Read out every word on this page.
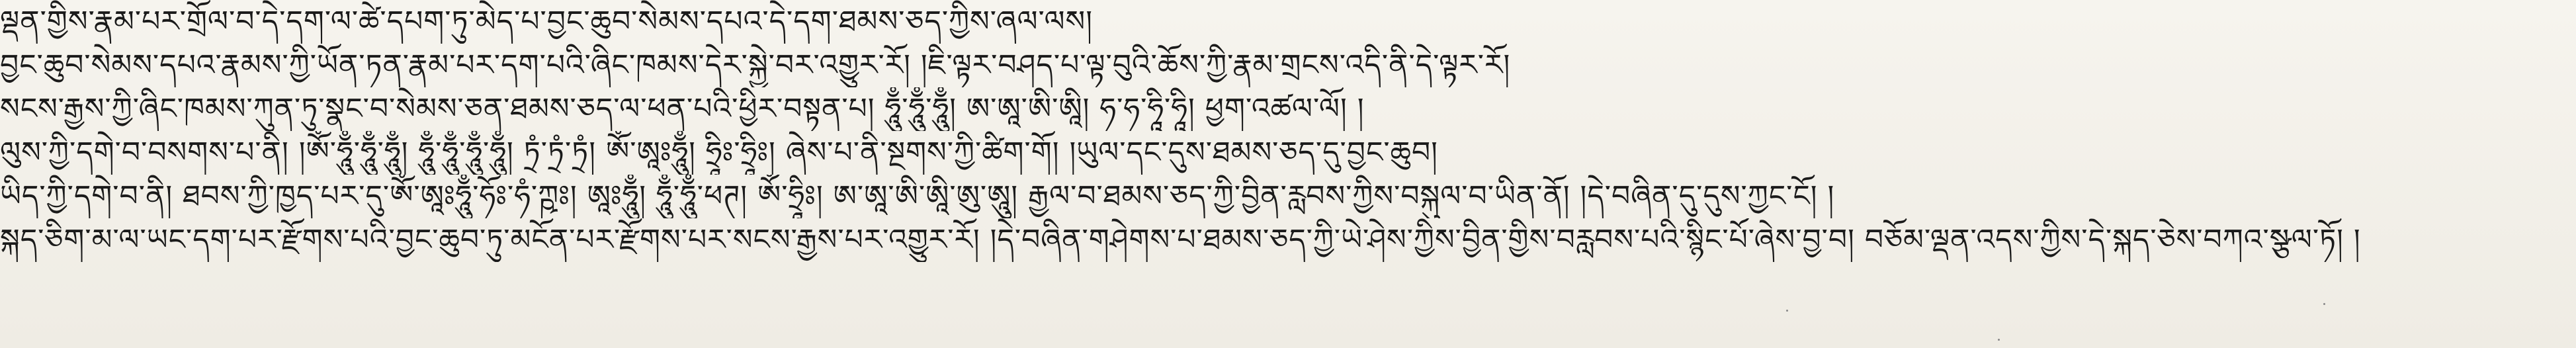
ལྡན་གྱིས་རྣམ་པར་གྲོལ་བ་དེ་དག་ལ་ཚེ་དཔག་ཏུ་མེད་པ་བྱང་ཆུབ་སེམས་དཔའ་དེ་དག་ཐམས་ཅད་ཀྱིས་ཞལ་ལས།
བྱང་ཆུབ་སེམས་དཔའ་རྣམས་ཀྱི་ཡོན་ཏན་རྣམ་པར་དག་པའི་ཞིང་ཁམས་དེར་སྐྱེ་བར་འགྱུར་རོ། །ཇི་ལྟར་བཤད་པ་ལྟ་བུའི་ཆོས་ཀྱི་རྣམ་གྲངས་འདི་ནི་དེ་ལྟར་རོ།
སངས་རྒྱས་ཀྱི་ཞིང་ཁམས་ཀུན་ཏུ་སྣང་བ་སེམས་ཅན་ཐམས་ཅད་ལ་ཕན་པའི་ཕྱིར་བསྟན་པ། ཧཱུྃ་ཧཱུྃ་ཧཱུྃ། ཨ་ཨཱ་ཨི་ཨཱི། ཧ་ཧ་ཧཱི་ཧཱི། ཕྱག་འཚལ་ལོ། །
ལུས་ཀྱི་དགེ་བ་བསགས་པ་ནི། །ཨོཾ་ཧཱུྃ་ཧཱུྃ་ཧཱུྃ། ཧཱུྃ་ཧཱུྃ་ཧཱུྃ་ཧཱུྃ། ཏྲཾ་ཏྲཾ་ཏྲཾ། ཨོཾ་ཨཱཿཧཱུྃ། ཧྲཱིཿ་ཧྲཱིཿ། ཞེས་པ་ནི་སྔགས་ཀྱི་ཚིག་གོ། །ཡུལ་དང་དུས་ཐམས་ཅད་དུ་བྱང་ཆུབ།
ཡིད་ཀྱི་དགེ་བ་ནི། ཐབས་ཀྱི་ཁྱད་པར་དུ་ཨོཾ་ཨཱཿཧཱུྃ་ཧོཿ་ཧཾ་ཀྵཿ། ཨཱཿཧཱུྃ། ཧཱུྃ་ཧཱུྃ་ཕཊ། ཨོཾ་ཧྲཱིཿ། ཨ་ཨཱ་ཨི་ཨཱི་ཨུ་ཨཱུ། རྒྱལ་བ་ཐམས་ཅད་ཀྱི་བྱིན་རླབས་ཀྱིས་བསྐུལ་བ་ཡིན་ནོ། །དེ་བཞིན་དུ་དུས་ཀྱང་ངོ། །
སྐད་ཅིག་མ་ལ་ཡང་དག་པར་རྫོགས་པའི་བྱང་ཆུབ་ཏུ་མངོན་པར་རྫོགས་པར་སངས་རྒྱས་པར་འགྱུར་རོ། །དེ་བཞིན་གཤེགས་པ་ཐམས་ཅད་ཀྱི་ཡེ་ཤེས་ཀྱིས་བྱིན་གྱིས་བརླབས་པའི་སྙིང་པོ་ཞེས་བྱ་བ། བཅོམ་ལྡན་འདས་ཀྱིས་དེ་སྐད་ཅེས་བཀའ་སྩལ་ཏོ། །
